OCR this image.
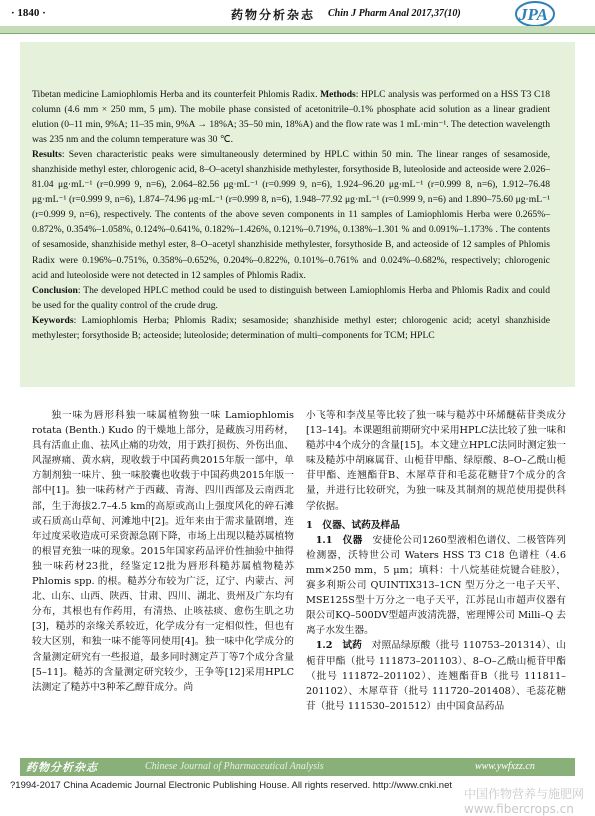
· 1840 ·	药物分析杂志 Chin J Pharm Anal 2017,37(10)	JPA

Tibetan medicine Lamiophlomis Herba and its counterfeit Phlomis Radix. Methods: HPLC analysis was performed on a HSS T3 C18 column (4.6 mm × 250 mm, 5 μm). The mobile phase consisted of acetonitrile–0.1% phosphate acid solution as a linear gradient elution (0–11 min, 9%A; 11–35 min, 9%A → 18%A; 35–50 min, 18%A) and the flow rate was 1 mL·min⁻¹. The detection wavelength was 235 nm and the column temperature was 30 ℃.
Results: Seven characteristic peaks were simultaneously determined by HPLC within 50 min. The linear ranges of sesamoside, shanzhiside methyl ester, chlorogenic acid, 8–O–acetyl shanzhiside methylester, forsythoside B, luteoloside and acteoside were 2.026–81.04 μg·mL⁻¹ (r=0.999 9, n=6), 2.064–82.56 μg·mL⁻¹ (r=0.999 9, n=6), 1.924–96.20 μg·mL⁻¹ (r=0.999 8, n=6), 1.912–76.48 μg·mL⁻¹ (r=0.999 9, n=6), 1.874–74.96 μg·mL⁻¹ (r=0.999 8, n=6), 1.948–77.92 μg·mL⁻¹ (r=0.999 9, n=6) and 1.890–75.60 μg·mL⁻¹ (r=0.999 9, n=6), respectively. The contents of the above seven components in 11 samples of Lamiophlomis Herba were 0.265%–0.872%, 0.354%–1.058%, 0.124%–0.641%, 0.182%–1.426%, 0.121%–0.719%, 0.138%–1.301 % and 0.091%–1.173% . The contents of sesamoside, shanzhiside methyl ester, 8–O–acetyl shanzhiside methylester, forsythoside B, and acteoside of 12 samples of Phlomis Radix were 0.196%–0.751%, 0.358%–0.652%, 0.204%–0.822%, 0.101%–0.761% and 0.024%–0.682%, respectively; chlorogenic acid and luteoloside were not detected in 12 samples of Phlomis Radix.
Conclusion: The developed HPLC method could be used to distinguish between Lamiophlomis Herba and Phlomis Radix and could be used for the quality control of the crude drug.
Keywords: Lamiophlomis Herba; Phlomis Radix; sesamoside; shanzhiside methyl ester; chlorogenic acid; acetyl shanzhiside methylester; forsythoside B; acteoside; luteoloside; determination of multi–components for TCM; HPLC

独一味为唇形科独一味属植物独一味 Lamiophlomis rotata (Benth.) Kudo 的干燥地上部分，是藏族习用药材，具有活血止血、祛风止痛的功效，用于跌打损伤、外伤出血、风湿痹痛、黄水病，现收载于中国药典2015年版一部中，单方制剂独一味片、独一味胶囊也收载于中国药典2015年版一部中[1]。独一味药材产于西藏、青海、四川西部及云南西北部，生于海拔2.7–4.5 km的高原或高山上强度风化的碎石滩或石质高山草甸、河滩地中[2]。近年来由于需求量剧增，连年过度采收造成可采资源急剧下降，市场上出现以糙苏属植物的根冒充独一味的现象。2015年国家药品评价性抽验中抽得独一味药材23批，经鉴定12批为唇形科糙苏属植物糙苏 Phlomis spp. 的根。糙苏分布较为广泛，辽宁、内蒙古、河北、山东、山西、陕西、甘肃、四川、湖北、贵州及广东均有分布，其根也有作药用，有清热、止咳祛痰、愈伤生肌之功[3]，糙苏的亲缘关系较近，化学成分有一定相似性，但也有较大区别，和独一味不能等同使用[4]。独一味中化学成分的含量测定研究有一些报道，最多同时测定芦丁等7个成分含量[5–11]。糙苏的含量测定研究较少，王争等[12]采用HPLC法测定了糙苏中3种苯乙醇苷成分。尚

小飞等和李茂星等比较了独一味与糙苏中环烯醚萜苷类成分[13–14]。本课题组前期研究中采用HPLC法比较了独一味和糙苏中4个成分的含量[15]。本文建立HPLC法同时测定独一味及糙苏中胡麻属苷、山栀苷甲酯、绿原酸、8–O–乙酰山栀苷甲酯、连翘酯苷B、木犀草苷和毛蕊花糖苷7个成分的含量，并进行比较研究，为独一味及其制剂的规范使用提供科学依据。

1　仪器、试药及样品

1.1　仪器　安捷伦公司1260型液相色谱仪、二极管阵列检测器，沃特世公司 Waters HSS T3 C18 色谱柱（4.6 mm×250 mm，5 μm；填料：十八烷基硅烷键合硅胶），赛多利斯公司 QUINTIX313–1CN 型万分之一电子天平、MSE125S型十万分之一电子天平，江苏昆山市超声仪器有限公司KQ–500DV型超声波清洗器，密理博公司 Milli–Q 去离子水发生器。

1.2　试药　对照品绿原酸（批号 110753–201314）、山栀苷甲酯（批号 111873–201103）、8–O–乙酰山栀苷甲酯（批号 111872–201102）、连翘酯苷B（批号 111811–201102）、木犀草苷（批号 111720–201408）、毛蕊花糖苷（批号 111530–201512）由中国食品药品

药物分析杂志	Chinese Journal of Pharmaceutical Analysis	www.ywfxzz.cn
?1994-2017 China Academic Journal Electronic Publishing House. All rights reserved. http://www.cnki.net
中国作物营养与施肥网 www.fibercrops.cn
